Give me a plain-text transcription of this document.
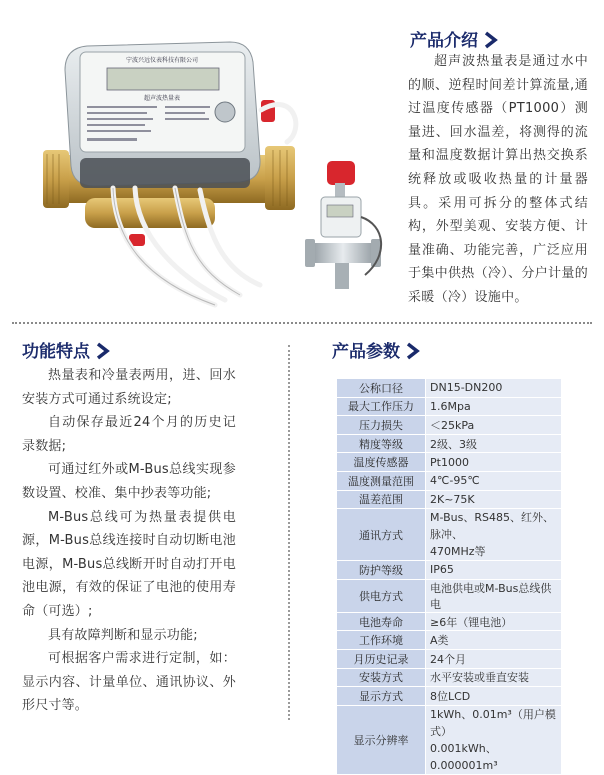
宁波兴远仪表科技有限公司
超声波热量表
产品介绍
超声波热量表是通过水中的顺、逆程时间差计算流量,通过温度传感器（PT1000）测量进、回水温差，将测得的流量和温度数据计算出热交换系统释放或吸收热量的计量器具。采用可拆分的整体式结构，外型美观、安装方便、计量准确、功能完善，广泛应用于集中供热（冷）、分户计量的采暖（冷）设施中。
功能特点

热量表和冷量表两用，进、回水安装方式可通过系统设定;

自动保存最近24个月的历史记录数据;

可通过红外或M-Bus总线实现参数设置、校准、集中抄表等功能;

M-Bus总线可为热量表提供电源，M-Bus总线连接时自动切断电池电源，M-Bus总线断开时自动打开电池电源，有效的保证了电池的使用寿命（可选）;

具有故障判断和显示功能;

可根据客户需求进行定制，如：显示内容、计量单位、通讯协议、外形尺寸等。

产品参数
公称口径	DN15-DN200
最大工作压力	1.6Mpa
压力损失	＜25kPa
精度等级	2级、3级
温度传感器	Pt1000
温度测量范围	4℃-95℃
温差范围	2K~75K
通讯方式	M-Bus、RS485、红外、脉冲、
470MHz等
防护等级	IP65
供电方式	电池供电或M-Bus总线供电
电池寿命	≥6年（锂电池）
工作环境	A类
月历史记录	24个月
安装方式	水平安装或垂直安装
显示方式	8位LCD
显示分辨率	1kWh、0.01m³（用户模式）
0.001kWh、0.000001m³
